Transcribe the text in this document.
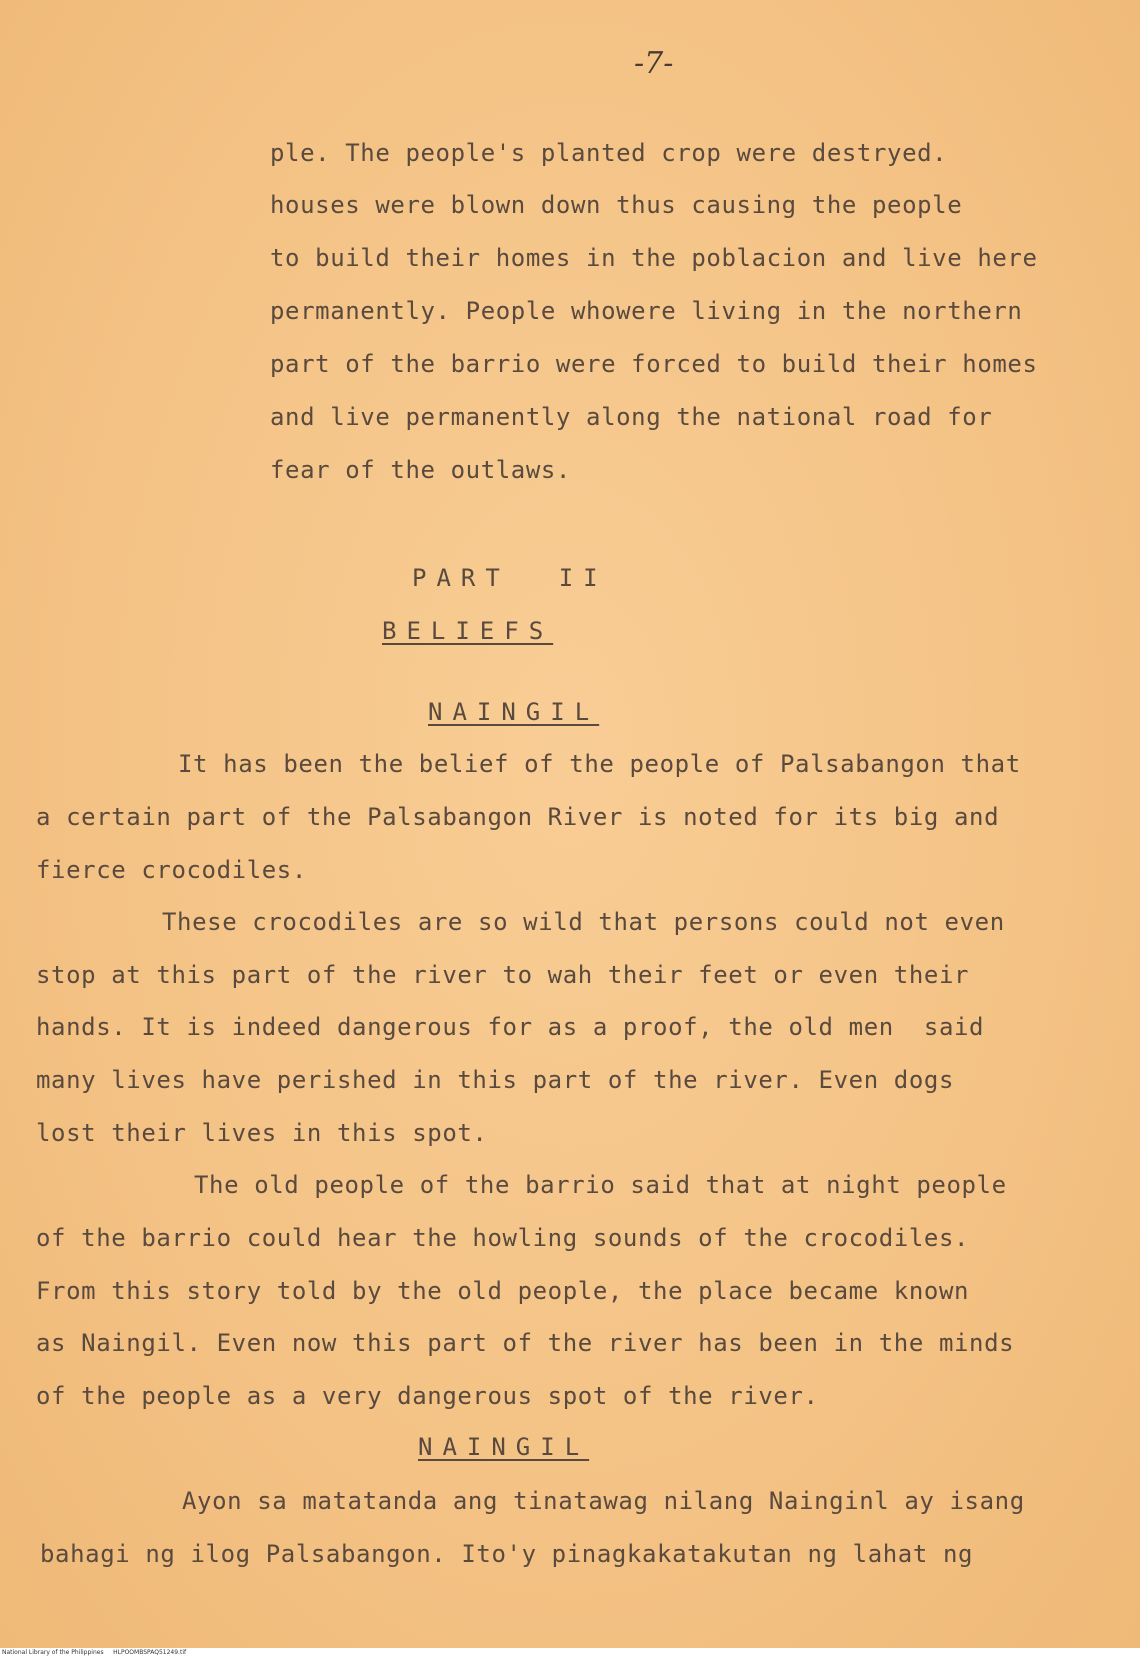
-7-
ple. The people's planted crop were destryed.
houses were blown down thus causing the people
to build their homes in the poblacion and live here
permanently. People whowere living in the northern
part of the barrio were forced to build their homes
and live permanently along the national road for
fear of the outlaws.
PART  II
BELIEFS
NAINGIL
It has been the belief of the people of Palsabangon that
a certain part of the Palsabangon River is noted for its big and
fierce crocodiles.
These crocodiles are so wild that persons could not even
stop at this part of the river to wah their feet or even their
hands. It is indeed dangerous for as a proof, the old men  said
many lives have perished in this part of the river. Even dogs
lost their lives in this spot.
The old people of the barrio said that at night people
of the barrio could hear the howling sounds of the crocodiles.
From this story told by the old people, the place became known
as Naingil. Even now this part of the river has been in the minds
of the people as a very dangerous spot of the river.
NAINGIL
Ayon sa matatanda ang tinatawag nilang Nainginl ay isang
bahagi ng ilog Palsabangon. Ito'y pinagkakatakutan ng lahat ng
National Library of the Philippines     HLPOOMBSPAQ51249.tif
